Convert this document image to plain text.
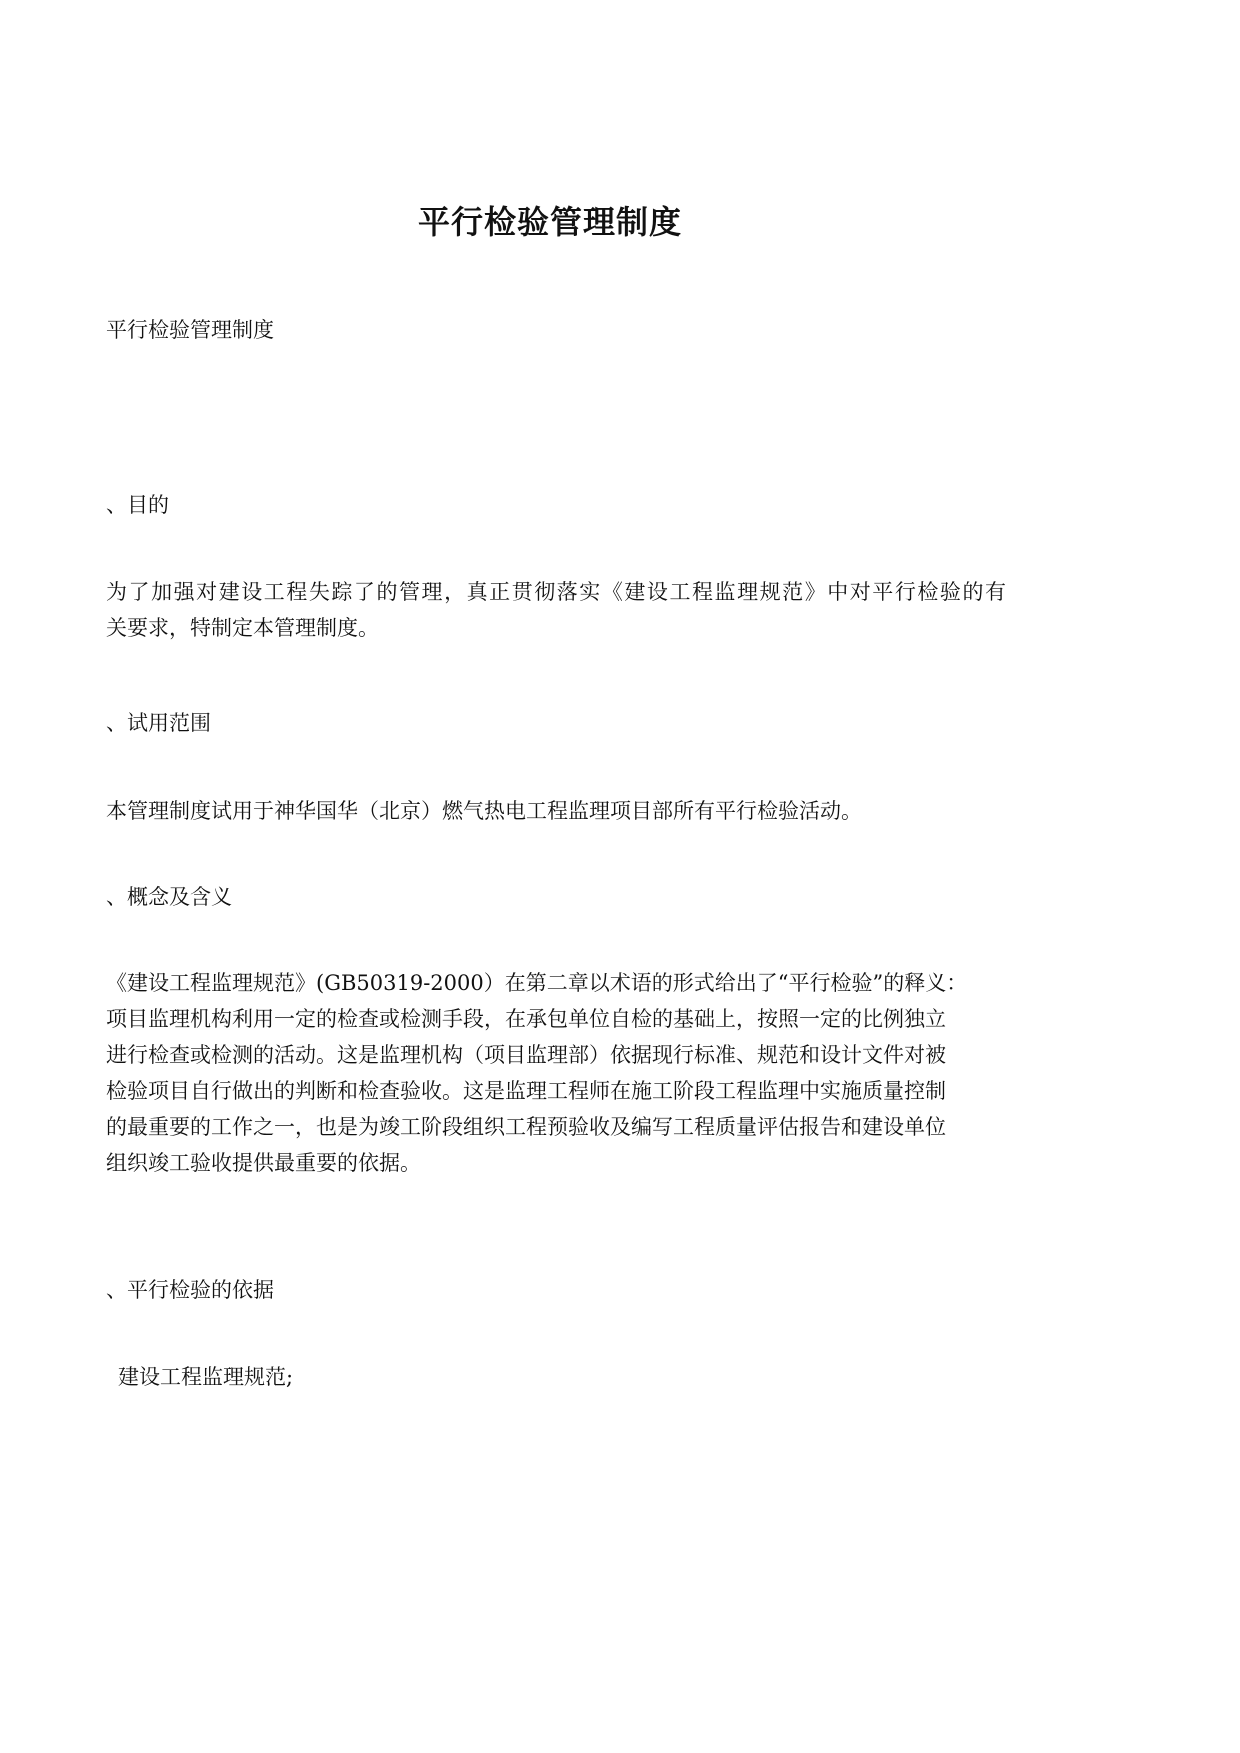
平行检验管理制度

平行检验管理制度

、目的

为了加强对建设工程失踪了的管理，真正贯彻落实《建设工程监理规范》中对平行检验的有
关要求，特制定本管理制度。

、试用范围

本管理制度试用于神华国华（北京）燃气热电工程监理项目部所有平行检验活动。

、概念及含义

《建设工程监理规范》(GB50319-2000）在第二章以术语的形式给出了“平行检验”的释义：
项目监理机构利用一定的检查或检测手段，在承包单位自检的基础上，按照一定的比例独立
进行检查或检测的活动。这是监理机构（项目监理部）依据现行标准、规范和设计文件对被
检验项目自行做出的判断和检查验收。这是监理工程师在施工阶段工程监理中实施质量控制
的最重要的工作之一，也是为竣工阶段组织工程预验收及编写工程质量评估报告和建设单位
组织竣工验收提供最重要的依据。

、平行检验的依据

建设工程监理规范;
